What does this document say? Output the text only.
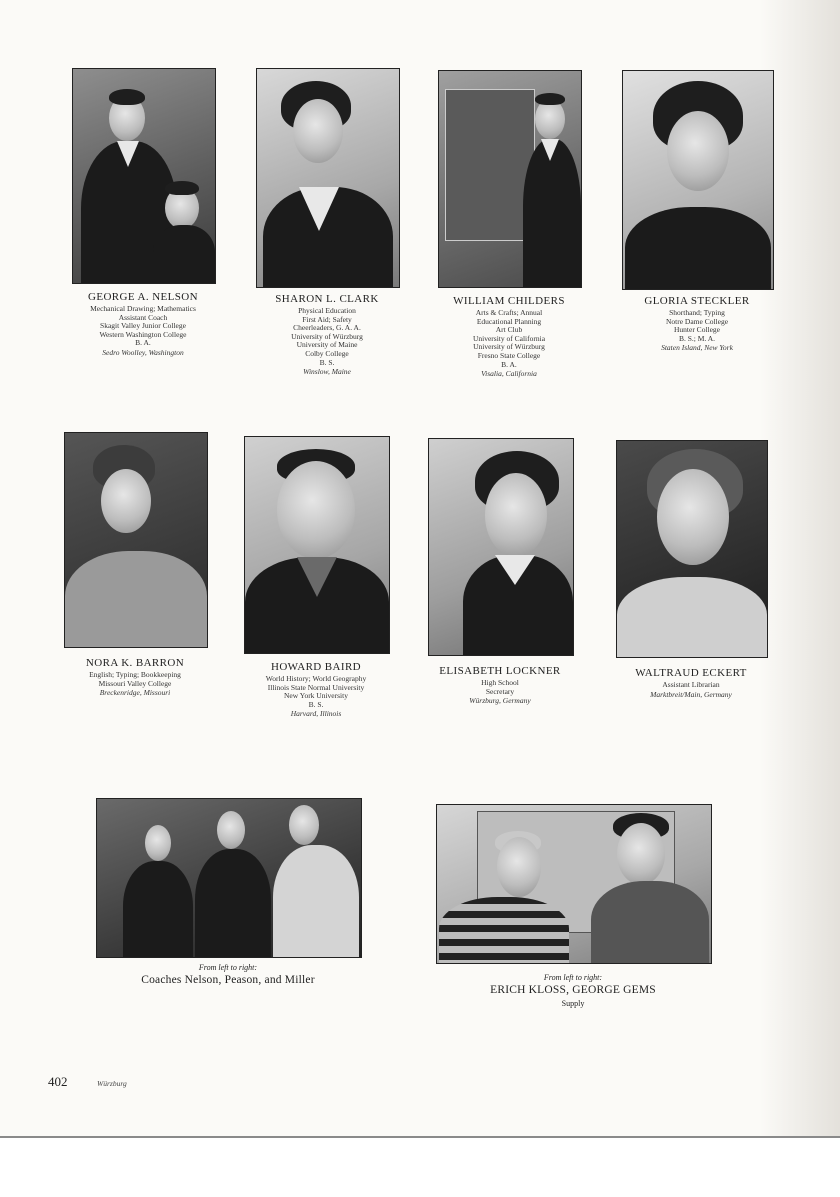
GEORGE A. NELSON
Mechanical Drawing; Mathematics
Assistant Coach
Skagit Valley Junior College
Western Washington College
B. A.
Sedro Woolley, Washington
SHARON L. CLARK
Physical Education
First Aid; Safety
Cheerleaders, G. A. A.
University of Würzburg
University of Maine
Colby College
B. S.
Winslow, Maine
WILLIAM CHILDERS
Arts & Crafts; Annual
Educational Planning
Art Club
University of California
University of Würzburg
Fresno State College
B. A.
Visalia, California
GLORIA STECKLER
Shorthand; Typing
Notre Dame College
Hunter College
B. S.; M. A.
Staten Island, New York
NORA K. BARRON
English; Typing; Bookkeeping
Missouri Valley College
Breckenridge, Missouri
HOWARD BAIRD
World History; World Geography
Illinois State Normal University
New York University
B. S.
Harvard, Illinois
ELISABETH LOCKNER
High School
Secretary
Würzburg, Germany
WALTRAUD ECKERT
Assistant Librarian
Marktbreit/Main, Germany
From left to right:
Coaches Nelson, Peason, and Miller	From left to right:
ERICH KLOSS, GEORGE GEMS
Supply
402	Würzburg
